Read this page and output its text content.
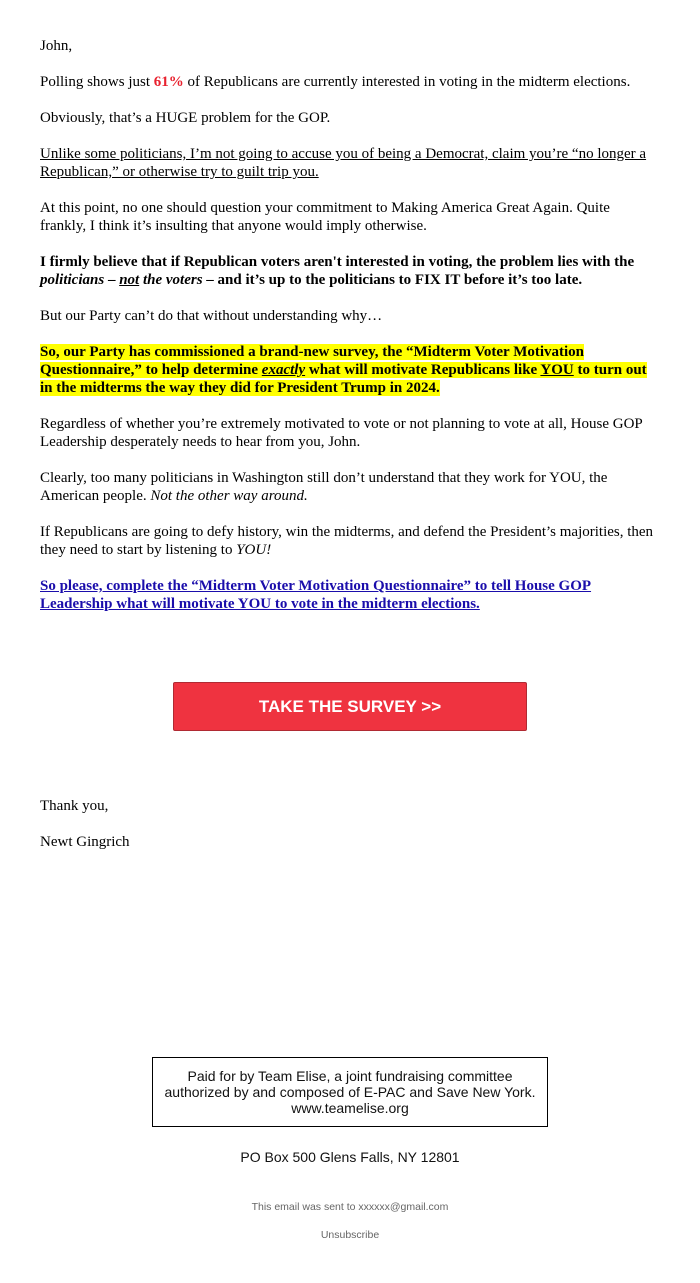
John,

Polling shows just 61% of Republicans are currently interested in voting in the midterm elections.

Obviously, that’s a HUGE problem for the GOP.

Unlike some politicians, I’m not going to accuse you of being a Democrat, claim you’re “no longer a Republican,” or otherwise try to guilt trip you.

At this point, no one should question your commitment to Making America Great Again. Quite frankly, I think it’s insulting that anyone would imply otherwise.

I firmly believe that if Republican voters aren't interested in voting, the problem lies with the politicians – not the voters – and it’s up to the politicians to FIX IT before it’s too late.

But our Party can’t do that without understanding why…

So, our Party has commissioned a brand-new survey, the “Midterm Voter Motivation Questionnaire,” to help determine exactly what will motivate Republicans like YOU to turn out in the midterms the way they did for President Trump in 2024.

Regardless of whether you’re extremely motivated to vote or not planning to vote at all, House GOP Leadership desperately needs to hear from you, John.

Clearly, too many politicians in Washington still don’t understand that they work for YOU, the American people. Not the other way around.

If Republicans are going to defy history, win the midterms, and defend the President’s majorities, then they need to start by listening to YOU!

So please, complete the “Midterm Voter Motivation Questionnaire” to tell House GOP Leadership what will motivate YOU to vote in the midterm elections.

TAKE THE SURVEY >>

Thank you,

Newt Gingrich

Paid for by Team Elise, a joint fundraising committee authorized by and composed of E-PAC and Save New York.
www.teamelise.org
PO Box 500 Glens Falls, NY 12801
This email was sent to xxxxxx@gmail.com
Unsubscribe
